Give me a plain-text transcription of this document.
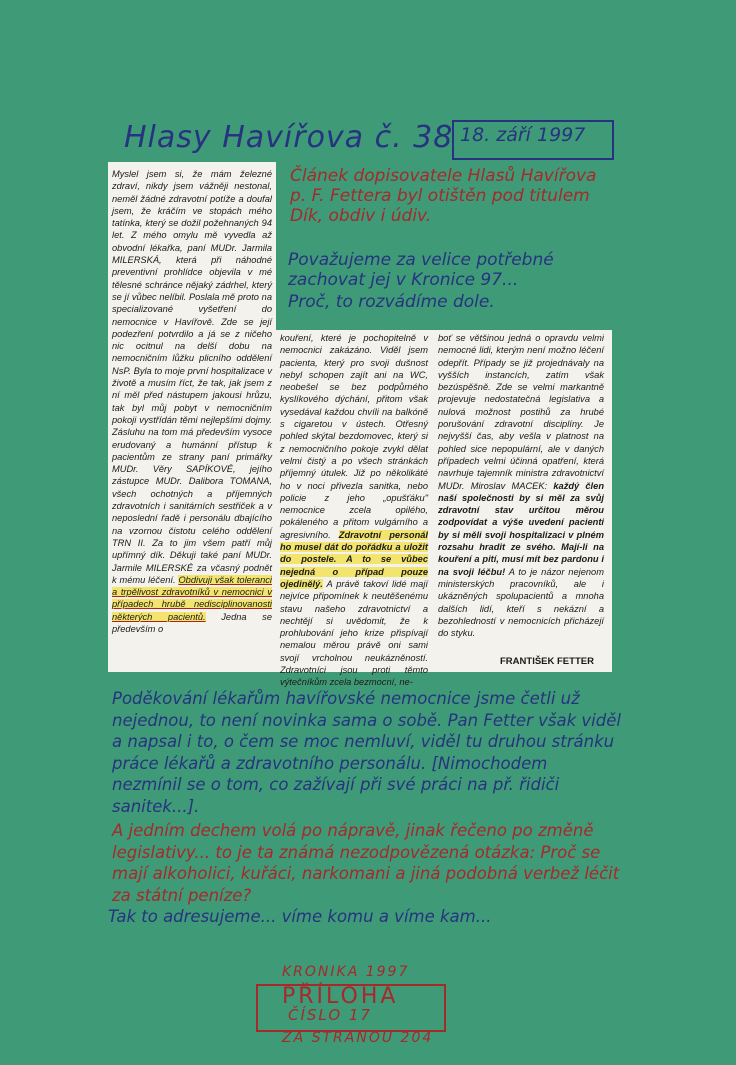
Hlasy Havířova č. 38 18. září 1997

Myslel jsem si, že mám železné zdraví, nikdy jsem vážněji nestonal, neměl žádné zdravotní potíže a doufal jsem, že kráčím ve stopách mého tatínka, který se dožil požehnaných 94 let. Z mého omylu mě vyvedla až obvodní lékařka, paní MUDr. Jarmila MILERSKÁ, která při náhodné preventivní prohlídce objevila v mé tělesné schránce nějaký zádrhel, který se jí vůbec nelíbil. Poslala mě proto na specializované vyšetření do nemocnice v Havířově. Zde se její podezření potvrdilo a já se z ničeho nic ocitnul na delší dobu na nemocničním lůžku plicního oddělení NsP. Byla to moje první hospitalizace v životě a musím říct, že tak, jak jsem z ní měl před nástupem jakousi hrůzu, tak byl můj pobyt v nemocničním pokoji vystřídán těmi nejlepšími dojmy. Zásluhu na tom má především vysoce erudovaný a humánní přístup k pacientům ze strany paní primářky MUDr. Věry SAPÍKOVÉ, jejího zástupce MUDr. Dalibora TOMANA, všech ochotných a příjemných zdravotních i sanitárních sestřiček a v neposlední řadě i personálu dbajícího na vzornou čistotu celého oddělení TRN II. Za to jim všem patří můj upřímný dík. Děkuji také paní MUDr. Jarmile MILERSKÉ za včasný podnět k mému léčení. Obdivuji však toleranci a trpělivost zdravotníků v nemocnici v případech hrubě nedisciplinovanosti některých pacientů. Jedna se především o

kouření, které je pochopitelně v nemocnici zakázáno. Viděl jsem pacienta, který pro svoji dušnost nebyl schopen zajít ani na WC, neobešel se bez podpůrného kyslíkového dýchání, přitom však vysedával každou chvíli na balkóně s cigaretou v ústech. Otřesný pohled skýtal bezdomovec, který si z nemocničního pokoje zvykl dělat velmi čistý a po všech stránkách příjemný útulek. Již po několikáté ho v noci přivezla sanitka, nebo policie z jeho „opušťáku" nemocnice zcela opilého, pokáleného a přitom vulgárního a agresivního. Zdravotní personál ho musel dát do pořádku a uložit do postele. A to se vůbec nejedná o případ pouze ojedinělý. A právě takoví lidé mají nejvíce připomínek k neutěšenému stavu našeho zdravotnictví a nechtějí si uvědomit, že k prohlubování jeho krize přispívají nemalou měrou právě oni sami svojí vrcholnou neukázněností. Zdravotníci jsou proti těmto výtečníkům zcela bezmocní, ne-

boť se většinou jedná o opravdu velmi nemocné lidi, kterým není možno léčení odepřít. Případy se již projednávaly na vyšších instancích, zatím však bezúspěšně. Zde se velmi markantně projevuje nedostatečná legislativa a nulová možnost postihů za hrubé porušování zdravotní disciplíny. Je nejvyšší čas, aby vešla v platnost na pohled sice nepopulární, ale v daných případech velmi účinná opatření, která navrhuje tajemník ministra zdravotnictví MUDr. Miroslav MACEK: každý člen naší společnosti by si měl za svůj zdravotní stav určitou měrou zodpovídat a výše uvedení pacienti by si měli svoji hospitalizaci v plném rozsahu hradit ze svého. Mají-li na kouření a pití, musí mít bez pardonu i na svoji léčbu! A to je názor nejenom ministerských pracovníků, ale i ukázněných spolupacientů a mnoha dalších lidí, kteří s nekázní a bezohledností v nemocnicích přicházejí do styku.

FRANTIŠEK FETTER
Článek dopisovatele Hlasů Havířova p. F. Fettera byl otištěn pod titulem Dík, obdiv i údiv.
Považujeme za velice potřebné zachovat jej v Kronice 97...
Proč, to rozvádíme dole.
Poděkování lékařům havířovské nemocnice jsme četli už nejednou, to není novinka sama o sobě. Pan Fetter však viděl a napsal i to, o čem se moc nemluví, viděl tu druhou stránku práce lékařů a zdravotního personálu. [Nimochodem nezmínil se o tom, co zažívají při své práci na př. řidiči sanitek...].
A jedním dechem volá po nápravě, jinak řečeno po změně legislativy... to je ta známá nezodpovězená otázka: Proč se mají alkoholici, kuřáci, narkomani a jiná podobná verbež léčit za státní peníze?
Tak to adresujeme... víme komu a víme kam...
KRONIKA 1997
PŘÍLOHA
ČÍSLO 17
ZA STRANOU 204
